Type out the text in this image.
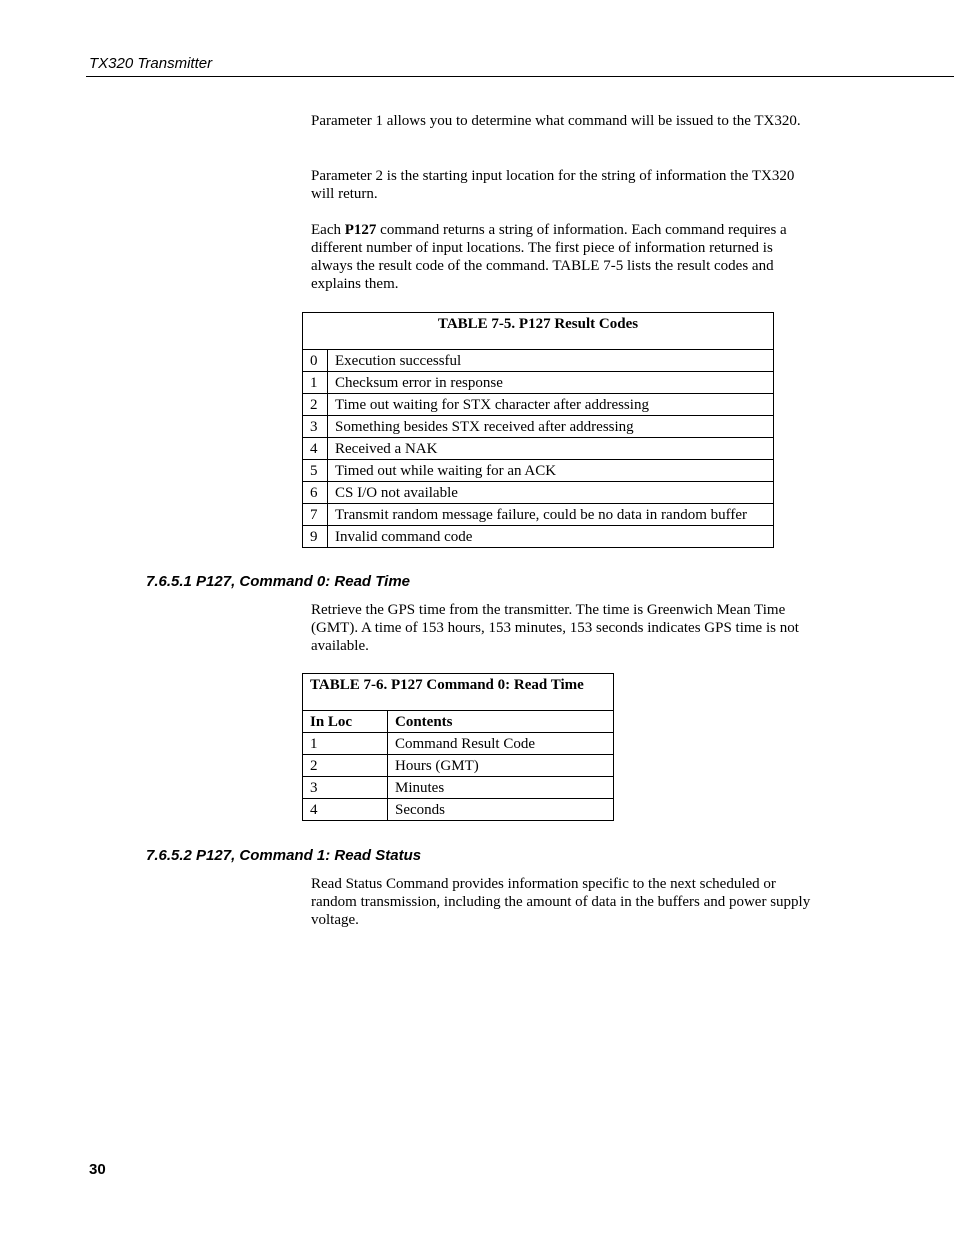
TX320 Transmitter

Parameter 1 allows you to determine what command will be issued to the TX320.

Parameter 2 is the starting input location for the string of information the TX320 will return.

Each P127 command returns a string of information. Each command requires a different number of input locations. The first piece of information returned is always the result code of the command. TABLE 7-5 lists the result codes and explains them.

TABLE 7-5. P127 Result Codes	
0	Execution successful
1	Checksum error in response
2	Time out waiting for STX character after addressing
3	Something besides STX received after addressing
4	Received a NAK
5	Timed out while waiting for an ACK
6	CS I/O not available
7	Transmit random message failure, could be no data in random buffer
9	Invalid command code
7.6.5.1 P127, Command 0: Read Time

Retrieve the GPS time from the transmitter. The time is Greenwich Mean Time (GMT). A time of 153 hours, 153 minutes, 153 seconds indicates GPS time is not available.

TABLE 7-6. P127 Command 0: Read Time	
In Loc	Contents
1	Command Result Code
2	Hours (GMT)
3	Minutes
4	Seconds
7.6.5.2 P127, Command 1: Read Status

Read Status Command provides information specific to the next scheduled or random transmission, including the amount of data in the buffers and power supply voltage.

30
